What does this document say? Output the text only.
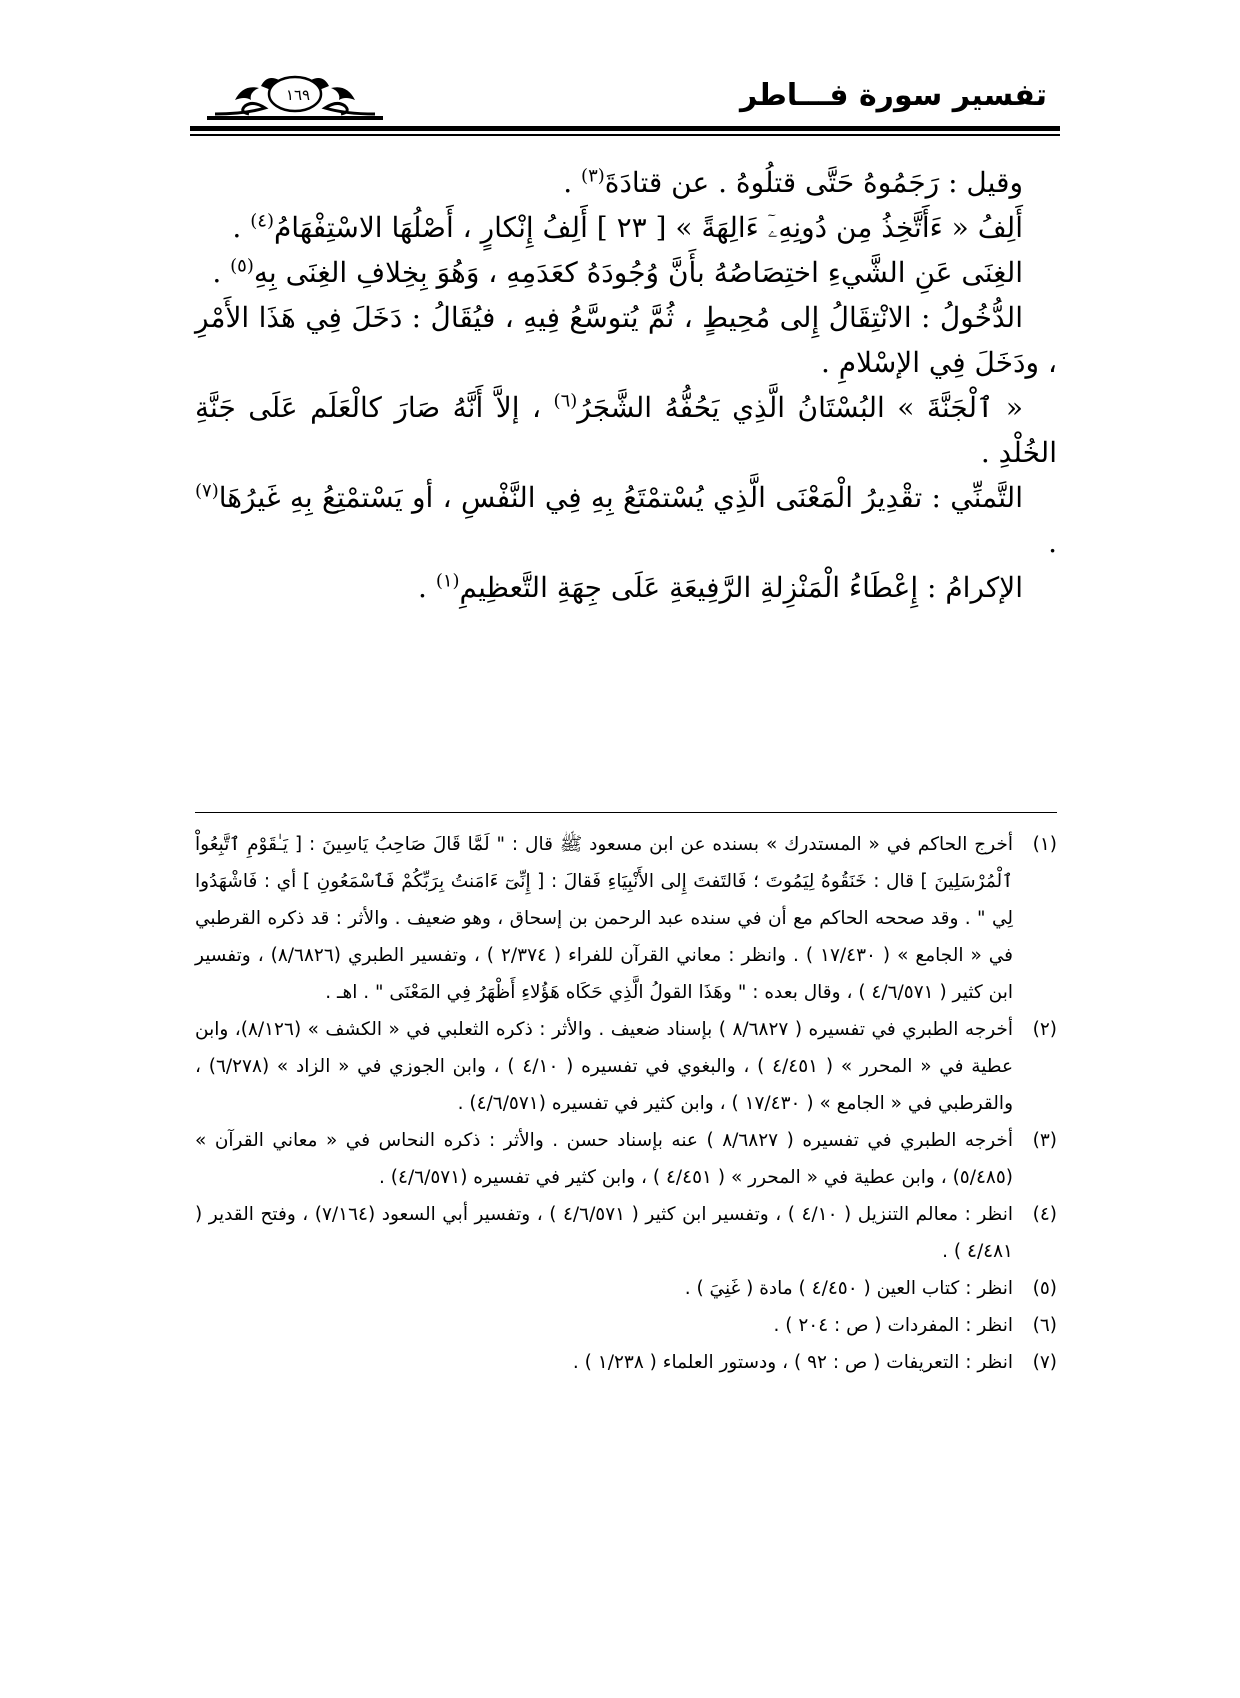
تفسير سورة فـــاطر
١٦٩

وقيل : رَجَمُوهُ حَتَّى قتلُوهُ . عن قتادَةَ$^{(٣)}$ .

أَلِفُ « ءَأَتَّخِذُ مِن دُونِهِۦٓ ءَالِهَةً » [ ٢٣ ] أَلِفُ إِنْكارٍ ، أَصْلُهَا الاسْتِفْهَامُ$^{(٤)}$ .

الغِنَى عَنِ الشَّيءِ اختِصَاصُهُ بأَنَّ وُجُودَهُ كعَدَمِهِ ، وَهُوَ بِخِلافِ الغِنَى بِهِ$^{(٥)}$ .

الدُّخُولُ : الانْتِقَالُ إِلى مُحِيطٍ ، ثُمَّ يُتوسَّعُ فِيهِ ، فيُقَالُ : دَخَلَ فِي هَذَا الأَمْرِ ، ودَخَلَ فِي الإسْلامِ .

« ٱلْجَنَّةَ » البُسْتَانُ الَّذِي يَحُفُّهُ الشَّجَرُ$^{(٦)}$ ، إلاَّ أَنَّهُ صَارَ كالْعَلَم عَلَى جَنَّةِ الخُلْدِ .

التَّمنِّي : تقْدِيرُ الْمَعْنَى الَّذِي يُسْتمْتَعُ بِهِ فِي النَّفْسِ ، أو يَسْتمْتِعُ بِهِ غَيرُهَا$^{(٧)}$ .

الإكرامُ : إِعْطَاءُ الْمَنْزِلةِ الرَّفِيعَةِ عَلَى جِهَةِ التَّعظِيمِ$^{(١)}$ .

(١)
أخرج الحاكم في « المستدرك » بسنده عن ابن مسعود ﷺ قال : " لَمَّا قَالَ صَاحِبُ يَاسِينَ : [ يَـٰقَوْمِ ٱتَّبِعُواْ ٱلْمُرْسَلِينَ ] قال : خَنَقُوهُ لِيَمُوتَ ؛ فَالتَفتَ إِلى الأَنْبِيَاءِ فَقالَ : [ إِنِّىٓ ءَامَنتُ بِرَبِّكُمْ فَٱسْمَعُونِ ] أي : فَاشْهَدُوا لِي " . وقد صححه الحاكم مع أن في سنده عبد الرحمن بن إسحاق ، وهو ضعيف . والأثر : قد ذكره القرطبي في « الجامع » ( ١٧/٤٣٠ ) . وانظر : معاني القرآن للفراء ( ٢/٣٧٤ ) ، وتفسير الطبري (٨/٦٨٢٦) ، وتفسير ابن كثير ( ٤/٦/٥٧١ ) ، وقال بعده : " وهَذَا القولُ الَّذِي حَكَاه هَؤُلاءِ أَظْهَرُ فِي المَعْنَى " . اهـ .
(٢)
أخرجه الطبري في تفسيره ( ٨/٦٨٢٧ ) بإسناد ضعيف . والأثر : ذكره الثعلبي في « الكشف » (٨/١٢٦)، وابن عطية في « المحرر » ( ٤/٤٥١ ) ، والبغوي في تفسيره ( ٤/١٠ ) ، وابن الجوزي في « الزاد » (٦/٢٧٨) ، والقرطبي في « الجامع » ( ١٧/٤٣٠ ) ، وابن كثير في تفسيره (٤/٦/٥٧١) .
(٣)
أخرجه الطبري في تفسيره ( ٨/٦٨٢٧ ) عنه بإسناد حسن . والأثر : ذكره النحاس في « معاني القرآن » (٥/٤٨٥) ، وابن عطية في « المحرر » ( ٤/٤٥١ ) ، وابن كثير في تفسيره (٤/٦/٥٧١) .
(٤)
انظر : معالم التنزيل ( ٤/١٠ ) ، وتفسير ابن كثير ( ٤/٦/٥٧١ ) ، وتفسير أبي السعود (٧/١٦٤) ، وفتح القدير ( ٤/٤٨١ ) .
(٥)
انظر : كتاب العين ( ٤/٤٥٠ ) مادة ( غَنِيَ ) .
(٦)
انظر : المفردات ( ص : ٢٠٤ ) .
(٧)
انظر : التعريفات ( ص : ٩٢ ) ، ودستور العلماء ( ١/٢٣٨ ) .
